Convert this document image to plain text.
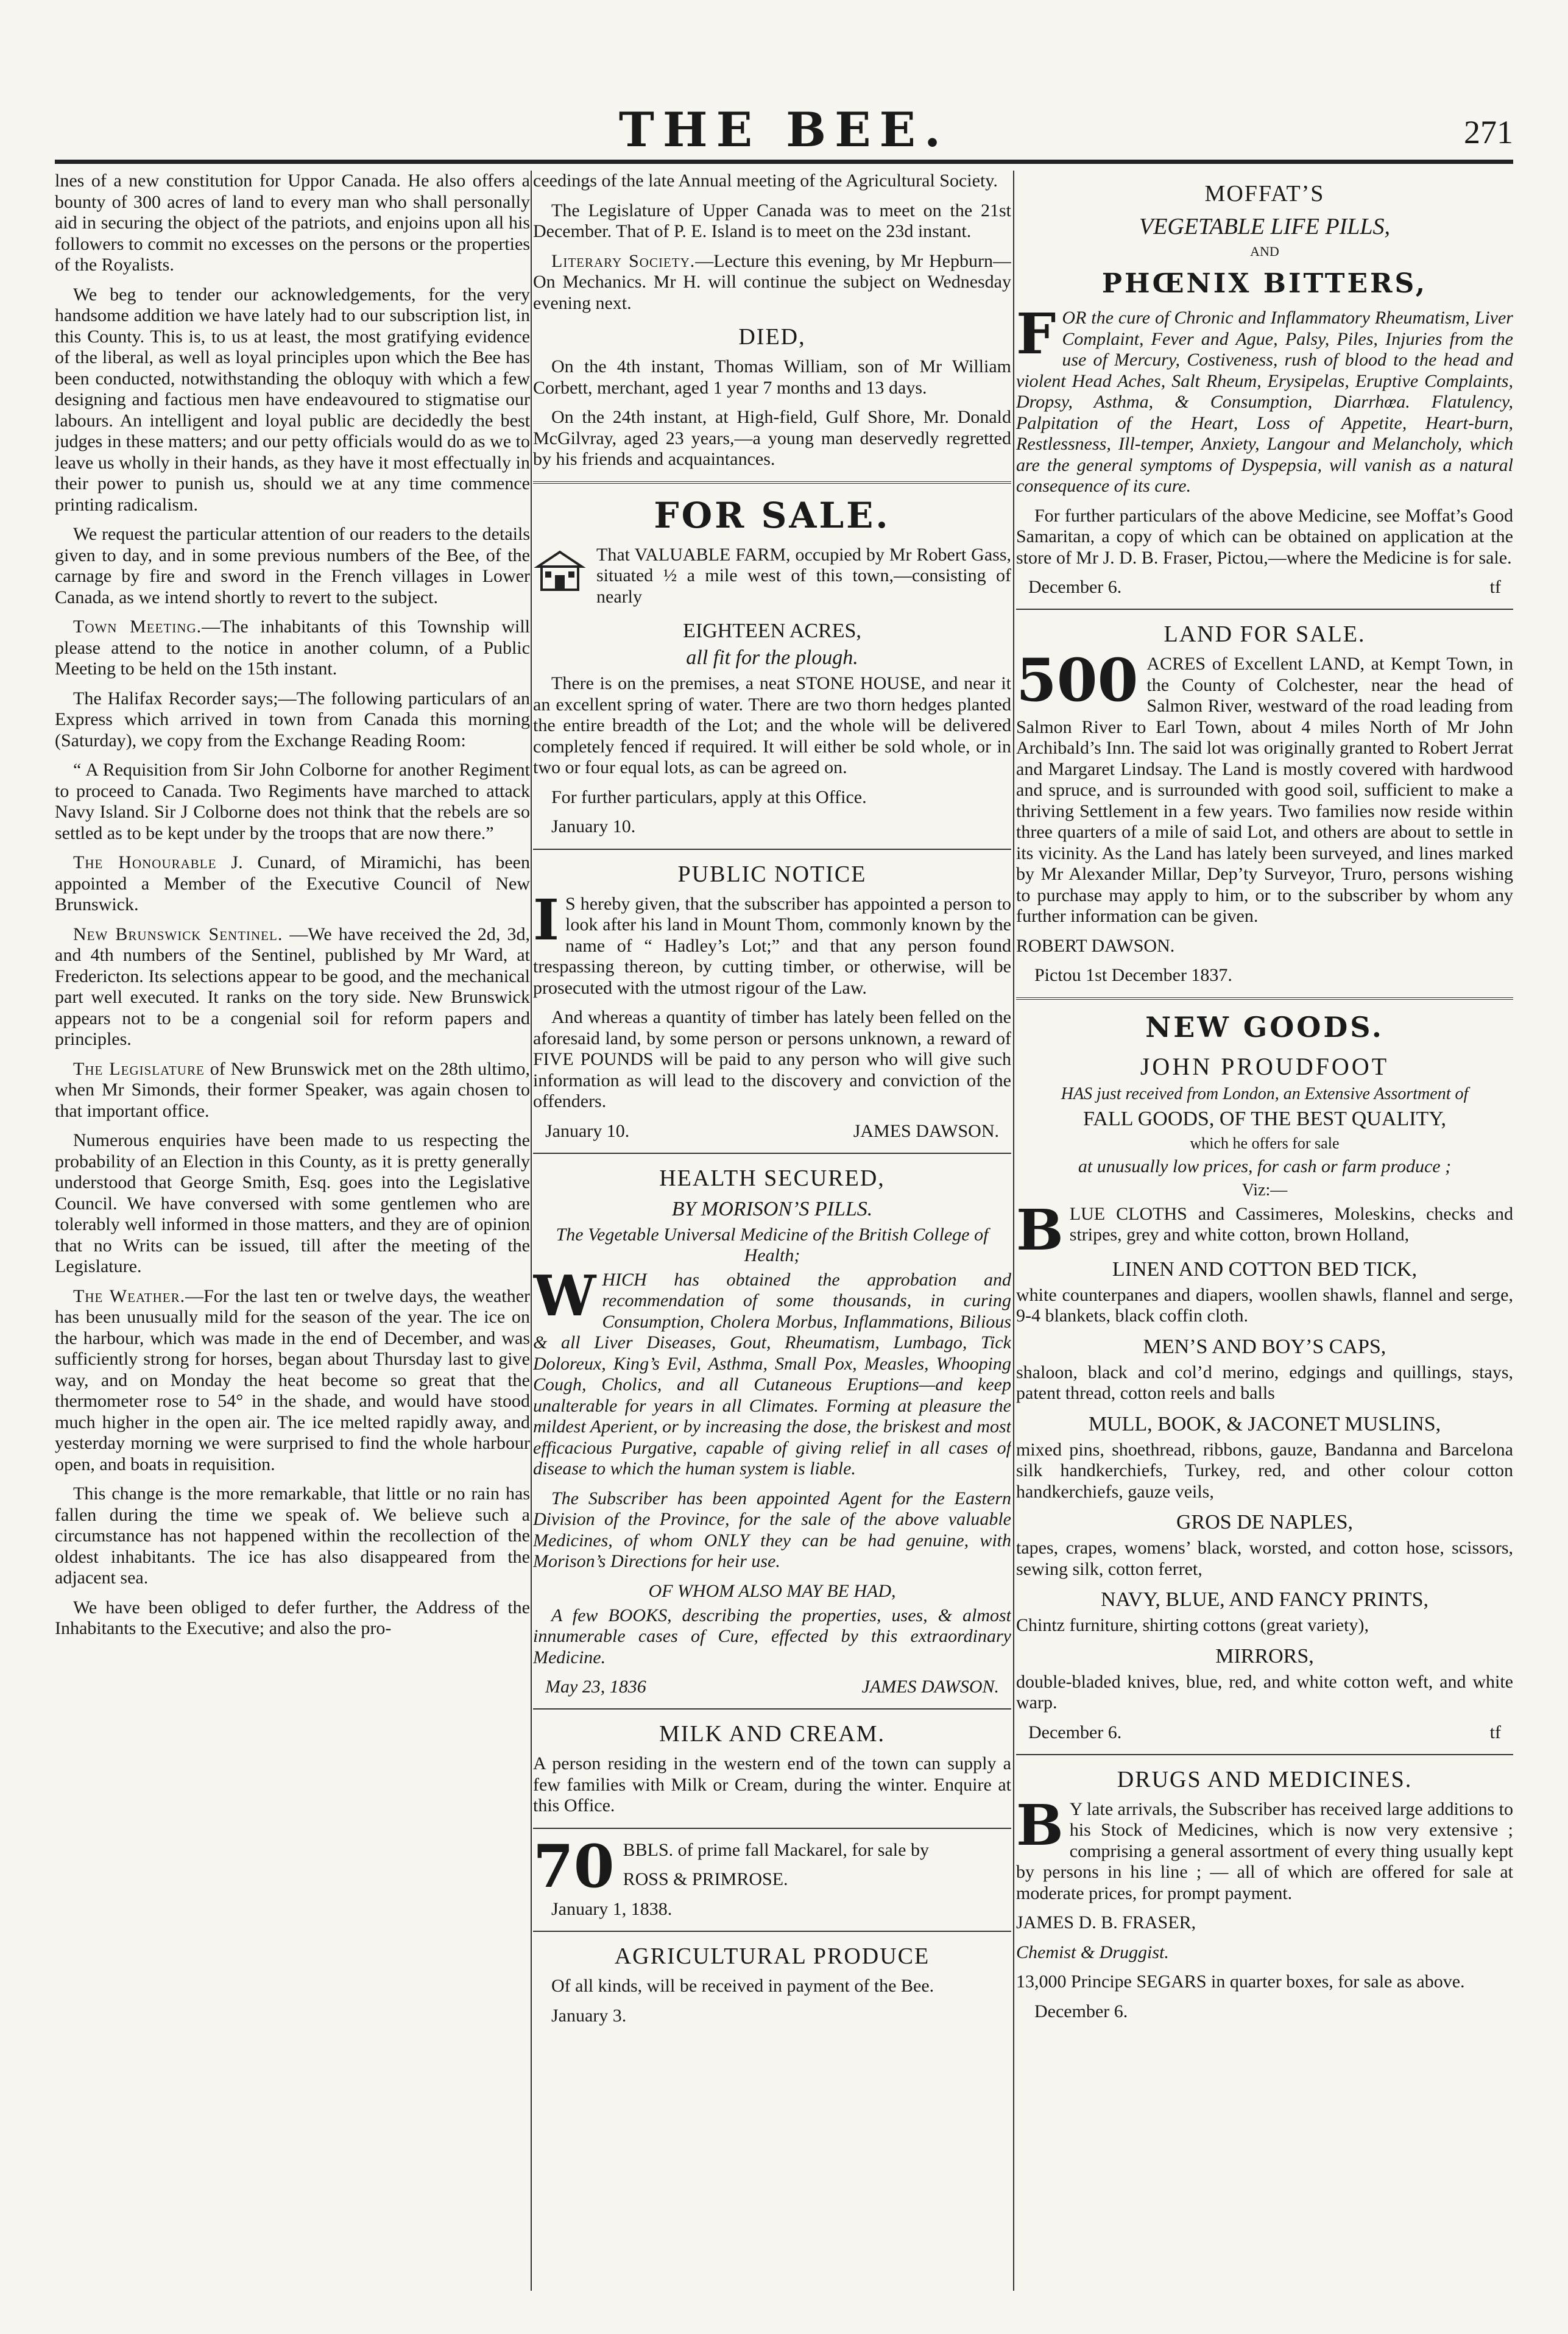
THE BEE.	271

lnes of a new constitution for Uppor Canada. He also offers a bounty of 300 acres of land to every man who shall personally aid in securing the object of the patriots, and enjoins upon all his followers to commit no excesses on the persons or the properties of the Royalists.

We beg to tender our acknowledgements, for the very handsome addition we have lately had to our subscription list, in this County. This is, to us at least, the most gratifying evidence of the liberal, as well as loyal principles upon which the Bee has been conducted, notwithstanding the obloquy with which a few designing and factious men have endeavoured to stigmatise our labours. An intelligent and loyal public are decidedly the best judges in these matters; and our petty officials would do as we to leave us wholly in their hands, as they have it most effectually in their power to punish us, should we at any time commence printing radicalism.

We request the particular attention of our readers to the details given to day, and in some previous numbers of the Bee, of the carnage by fire and sword in the French villages in Lower Canada, as we intend shortly to revert to the subject.

Town Meeting.—The inhabitants of this Township will please attend to the notice in another column, of a Public Meeting to be held on the 15th instant.

The Halifax Recorder says;—The following particulars of an Express which arrived in town from Canada this morning (Saturday), we copy from the Exchange Reading Room:

“ A Requisition from Sir John Colborne for another Regiment to proceed to Canada. Two Regiments have marched to attack Navy Island. Sir J Colborne does not think that the rebels are so settled as to be kept under by the troops that are now there.”

The Honourable J. Cunard, of Miramichi, has been appointed a Member of the Executive Council of New Brunswick.

New Brunswick Sentinel. —We have received the 2d, 3d, and 4th numbers of the Sentinel, published by Mr Ward, at Fredericton. Its selections appear to be good, and the mechanical part well executed. It ranks on the tory side. New Brunswick appears not to be a congenial soil for reform papers and principles.

The Legislature of New Brunswick met on the 28th ultimo, when Mr Simonds, their former Speaker, was again chosen to that important office.

Numerous enquiries have been made to us respecting the probability of an Election in this County, as it is pretty generally understood that George Smith, Esq. goes into the Legislative Council. We have conversed with some gentlemen who are tolerably well informed in those matters, and they are of opinion that no Writs can be issued, till after the meeting of the Legislature.

The Weather.—For the last ten or twelve days, the weather has been unusually mild for the season of the year. The ice on the harbour, which was made in the end of December, and was sufficiently strong for horses, began about Thursday last to give way, and on Monday the heat become so great that the thermometer rose to 54° in the shade, and would have stood much higher in the open air. The ice melted rapidly away, and yesterday morning we were surprised to find the whole harbour open, and boats in requisition.

This change is the more remarkable, that little or no rain has fallen during the time we speak of. We believe such a circumstance has not happened within the recollection of the oldest inhabitants. The ice has also disappeared from the adjacent sea.

We have been obliged to defer further, the Address of the Inhabitants to the Executive; and also the pro-

ceedings of the late Annual meeting of the Agricultural Society.

The Legislature of Upper Canada was to meet on the 21st December. That of P. E. Island is to meet on the 23d instant.

Literary Society.—Lecture this evening, by Mr Hepburn—On Mechanics. Mr H. will continue the subject on Wednesday evening next.

DIED,

On the 4th instant, Thomas William, son of Mr William Corbett, merchant, aged 1 year 7 months and 13 days.

On the 24th instant, at High-field, Gulf Shore, Mr. Donald McGilvray, aged 23 years,—a young man deservedly regretted by his friends and acquaintances.

FOR SALE.

That VALUABLE FARM, occupied by Mr Robert Gass, situated ½ a mile west of this town,—consisting of nearly

EIGHTEEN ACRES,
all fit for the plough.

There is on the premises, a neat STONE HOUSE, and near it an excellent spring of water. There are two thorn hedges planted the entire breadth of the Lot; and the whole will be delivered completely fenced if required. It will either be sold whole, or in two or four equal lots, as can be agreed on.

For further particulars, apply at this Office.

January 10.

PUBLIC NOTICE
I S hereby given, that the subscriber has appointed a person to look after his land in Mount Thom, commonly known by the name of “ Hadley’s Lot;” and that any person found trespassing thereon, by cutting timber, or otherwise, will be prosecuted with the utmost rigour of the Law.

And whereas a quantity of timber has lately been felled on the aforesaid land, by some person or persons unknown, a reward of FIVE POUNDS will be paid to any person who will give such information as will lead to the discovery and conviction of the offenders.

January 10.	JAMES DAWSON.
HEALTH SECURED,
BY MORISON’S PILLS.
The Vegetable Universal Medicine of the British College of Health;
W HICH has obtained the approbation and recommendation of some thousands, in curing Consumption, Cholera Morbus, Inflammations, Bilious & all Liver Diseases, Gout, Rheumatism, Lumbago, Tick Doloreux, King’s Evil, Asthma, Small Pox, Measles, Whooping Cough, Cholics, and all Cutaneous Eruptions—and keep unalterable for years in all Climates. Forming at pleasure the mildest Aperient, or by increasing the dose, the briskest and most efficacious Purgative, capable of giving relief in all cases of disease to which the human system is liable.

The Subscriber has been appointed Agent for the Eastern Division of the Province, for the sale of the above valuable Medicines, of whom ONLY they can be had genuine, with Morison’s Directions for heir use.

OF WHOM ALSO MAY BE HAD,

A few BOOKS, describing the properties, uses, & almost innumerable cases of Cure, effected by this extraordinary Medicine.

May 23, 1836	JAMES DAWSON.
MILK AND CREAM.

A person residing in the western end of the town can supply a few families with Milk or Cream, during the winter. Enquire at this Office.

70 BBLS. of prime fall Mackarel, for sale by

ROSS & PRIMROSE.

January 1, 1838.

AGRICULTURAL PRODUCE

Of all kinds, will be received in payment of the Bee.

January 3.

MOFFAT’S
VEGETABLE LIFE PILLS,
AND
PHŒNIX BITTERS,
F OR the cure of Chronic and Inflammatory Rheumatism, Liver Complaint, Fever and Ague, Palsy, Piles, Injuries from the use of Mercury, Costiveness, rush of blood to the head and violent Head Aches, Salt Rheum, Erysipelas, Eruptive Complaints, Dropsy, Asthma, & Consumption, Diarrhœa. Flatulency, Palpitation of the Heart, Loss of Appetite, Heart-burn, Restlessness, Ill-temper, Anxiety, Langour and Melancholy, which are the general symptoms of Dyspepsia, will vanish as a natural consequence of its cure.

For further particulars of the above Medicine, see Moffat’s Good Samaritan, a copy of which can be obtained on application at the store of Mr J. D. B. Fraser, Pictou,—where the Medicine is for sale.

December 6.	tf
LAND FOR SALE.
500 ACRES of Excellent LAND, at Kempt Town, in the County of Colchester, near the head of Salmon River, westward of the road leading from Salmon River to Earl Town, about 4 miles North of Mr John Archibald’s Inn. The said lot was originally granted to Robert Jerrat and Margaret Lindsay. The Land is mostly covered with hardwood and spruce, and is surrounded with good soil, sufficient to make a thriving Settlement in a few years. Two families now reside within three quarters of a mile of said Lot, and others are about to settle in its vicinity. As the Land has lately been surveyed, and lines marked by Mr Alexander Millar, Dep’ty Surveyor, Truro, persons wishing to purchase may apply to him, or to the subscriber by whom any further information can be given.

ROBERT DAWSON.

Pictou 1st December 1837.

NEW GOODS.
JOHN PROUDFOOT
HAS just received from London, an Extensive Assortment of
FALL GOODS, OF THE BEST QUALITY,
which he offers for sale
at unusually low prices, for cash or farm produce ;
Viz:—
B LUE CLOTHS and Cassimeres, Moleskins, checks and stripes, grey and white cotton, brown Holland,

LINEN AND COTTON BED TICK,

white counterpanes and diapers, woollen shawls, flannel and serge, 9-4 blankets, black coffin cloth.

MEN’S AND BOY’S CAPS,

shaloon, black and col’d merino, edgings and quillings, stays, patent thread, cotton reels and balls

MULL, BOOK, & JACONET MUSLINS,

mixed pins, shoethread, ribbons, gauze, Bandanna and Barcelona silk handkerchiefs, Turkey, red, and other colour cotton handkerchiefs, gauze veils,

GROS DE NAPLES,

tapes, crapes, womens’ black, worsted, and cotton hose, scissors, sewing silk, cotton ferret,

NAVY, BLUE, AND FANCY PRINTS,

Chintz furniture, shirting cottons (great variety),

MIRRORS,

double-bladed knives, blue, red, and white cotton weft, and white warp.

December 6.	tf
DRUGS AND MEDICINES.
B Y late arrivals, the Subscriber has received large additions to his Stock of Medicines, which is now very extensive ; comprising a general assortment of every thing usually kept by persons in his line ; — all of which are offered for sale at moderate prices, for prompt payment.

JAMES D. B. FRASER,

Chemist & Druggist.

13,000 Principe SEGARS in quarter boxes, for sale as above.

December 6.
